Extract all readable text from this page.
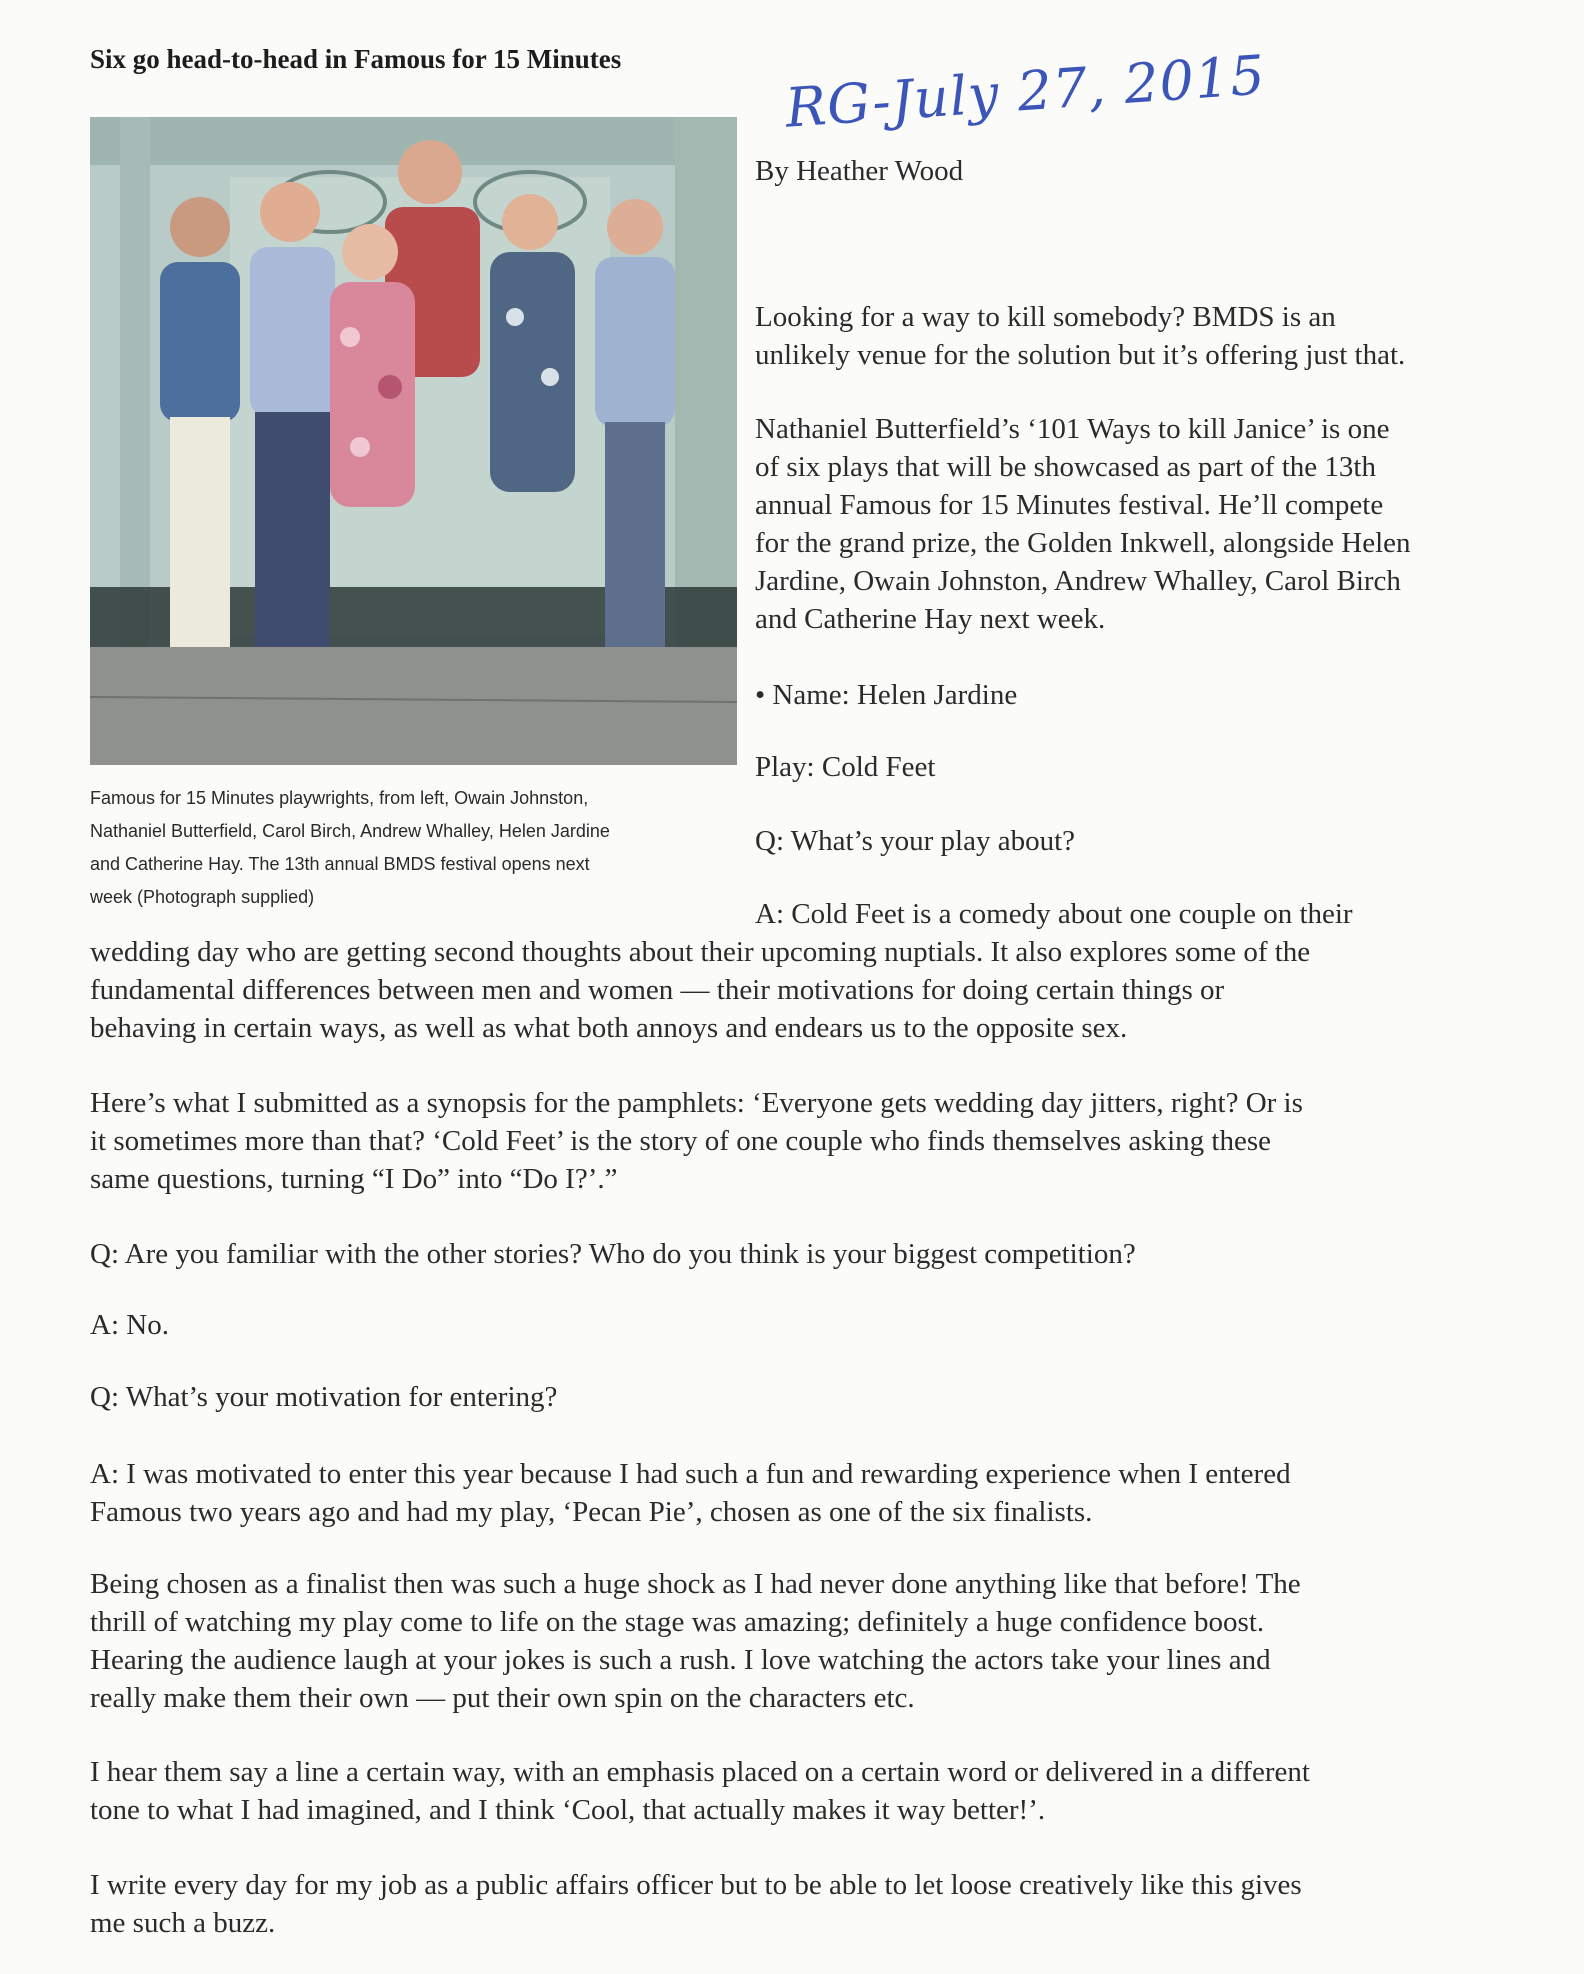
Six go head-to-head in Famous for 15 Minutes	RG-July 27, 2015
By Heather Wood
Famous for 15 Minutes playwrights, from left, Owain Johnston,
Nathaniel Butterfield, Carol Birch, Andrew Whalley, Helen Jardine
and Catherine Hay. The 13th annual BMDS festival opens next
week (Photograph supplied)
Looking for a way to kill somebody? BMDS is an
unlikely venue for the solution but it’s offering just that.
Nathaniel Butterfield’s ‘101 Ways to kill Janice’ is one
of six plays that will be showcased as part of the 13th
annual Famous for 15 Minutes festival. He’ll compete
for the grand prize, the Golden Inkwell, alongside Helen
Jardine, Owain Johnston, Andrew Whalley, Carol Birch
and Catherine Hay next week.
• Name: Helen Jardine
Play: Cold Feet
Q: What’s your play about?
A: Cold Feet is a comedy about one couple on their
wedding day who are getting second thoughts about their upcoming nuptials. It also explores some of the
fundamental differences between men and women — their motivations for doing certain things or
behaving in certain ways, as well as what both annoys and endears us to the opposite sex.
Here’s what I submitted as a synopsis for the pamphlets: ‘Everyone gets wedding day jitters, right? Or is
it sometimes more than that? ‘Cold Feet’ is the story of one couple who finds themselves asking these
same questions, turning “I Do” into “Do I?’.”
Q: Are you familiar with the other stories? Who do you think is your biggest competition?
A: No.
Q: What’s your motivation for entering?
A: I was motivated to enter this year because I had such a fun and rewarding experience when I entered
Famous two years ago and had my play, ‘Pecan Pie’, chosen as one of the six finalists.
Being chosen as a finalist then was such a huge shock as I had never done anything like that before! The
thrill of watching my play come to life on the stage was amazing; definitely a huge confidence boost.
Hearing the audience laugh at your jokes is such a rush. I love watching the actors take your lines and
really make them their own — put their own spin on the characters etc.
I hear them say a line a certain way, with an emphasis placed on a certain word or delivered in a different
tone to what I had imagined, and I think ‘Cool, that actually makes it way better!’.
I write every day for my job as a public affairs officer but to be able to let loose creatively like this gives
me such a buzz.
